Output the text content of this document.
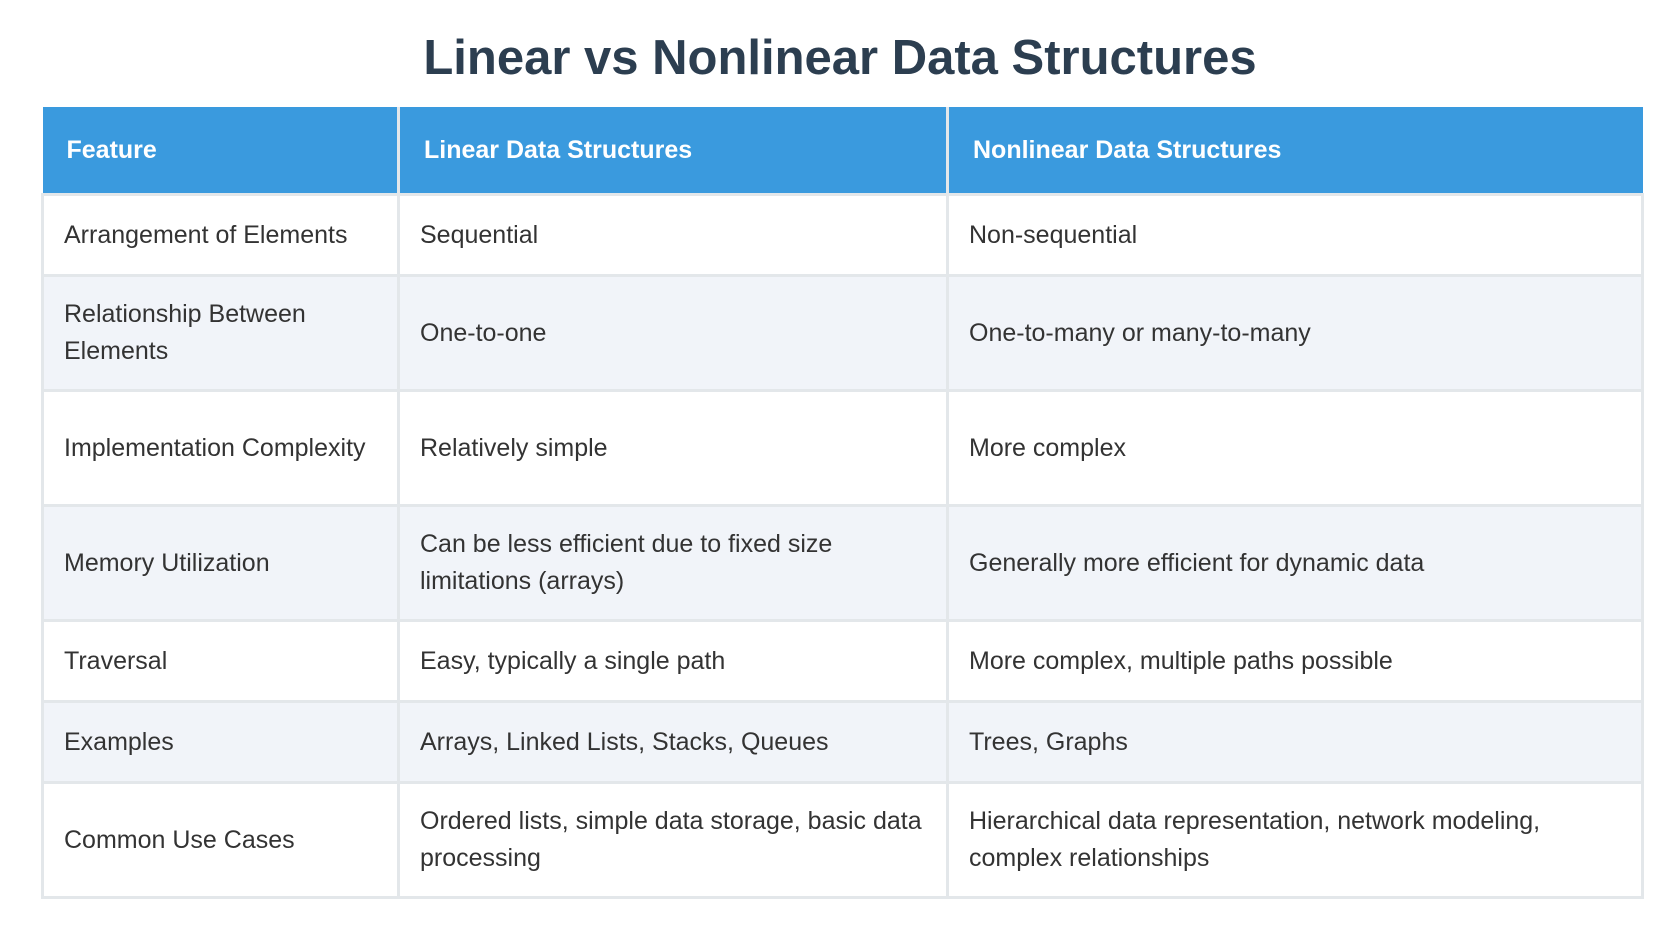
Linear vs Nonlinear Data Structures
Feature	Linear Data Structures	Nonlinear Data Structures
Arrangement of Elements	Sequential	Non-sequential
Relationship Between Elements	One-to-one	One-to-many or many-to-many
Implementation Complexity	Relatively simple	More complex
Memory Utilization	Can be less efficient due to fixed size limitations (arrays)	Generally more efficient for dynamic data
Traversal	Easy, typically a single path	More complex, multiple paths possible
Examples	Arrays, Linked Lists, Stacks, Queues	Trees, Graphs
Common Use Cases	Ordered lists, simple data storage, basic data processing	Hierarchical data representation, network modeling, complex relationships
